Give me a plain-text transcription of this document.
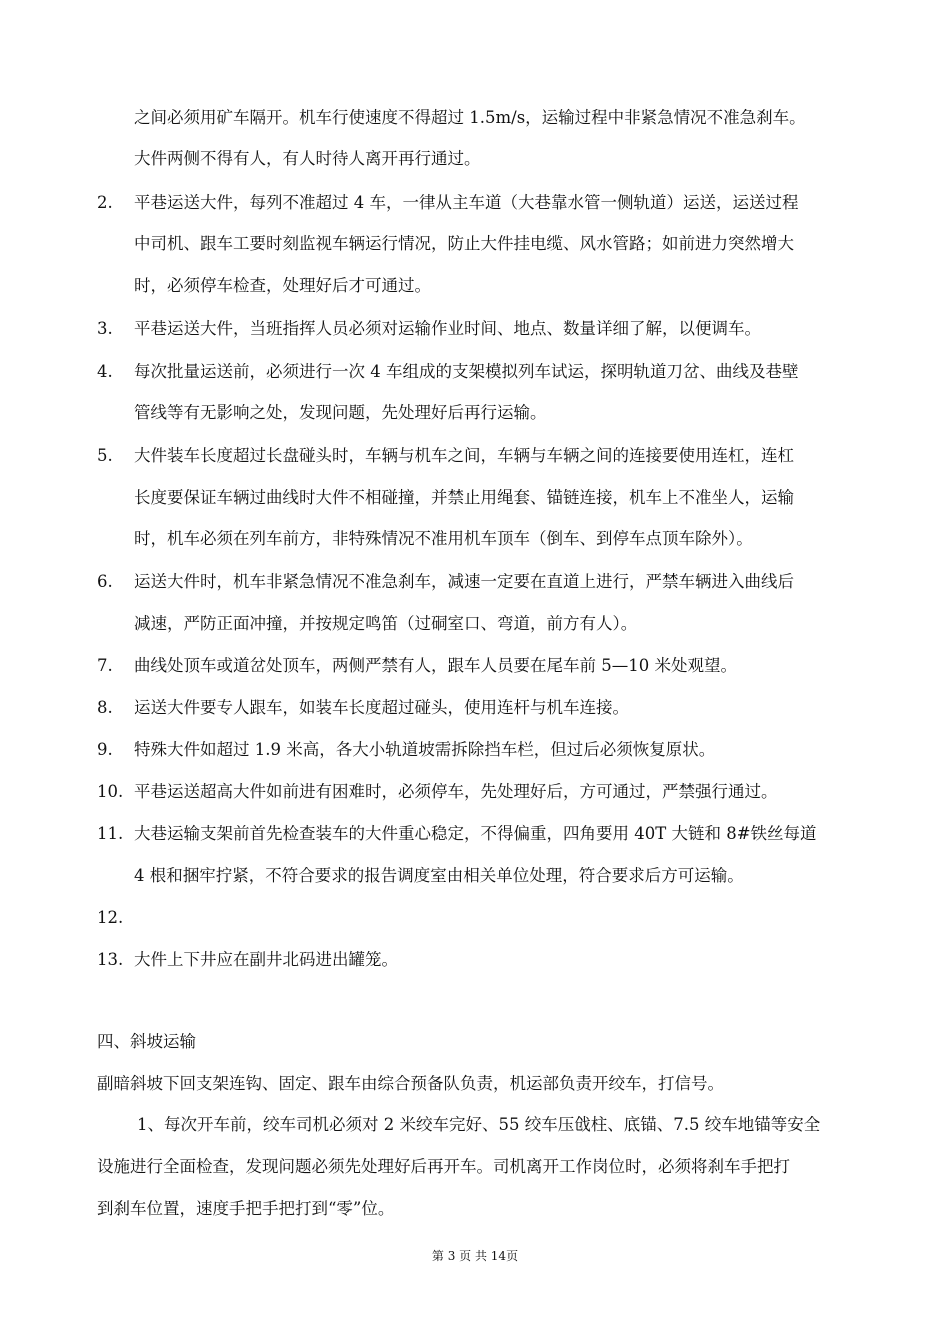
之间必须用矿车隔开。机车行使速度不得超过 1.5m/s，运输过程中非紧急情况不准急刹车。
大件两侧不得有人，有人时待人离开再行通过。
2. 平巷运送大件，每列不准超过 4 车，一律从主车道（大巷靠水管一侧轨道）运送，运送过程
中司机、跟车工要时刻监视车辆运行情况，防止大件挂电缆、风水管路；如前进力突然增大
时，必须停车检查，处理好后才可通过。
3. 平巷运送大件，当班指挥人员必须对运输作业时间、地点、数量详细了解，以便调车。
4. 每次批量运送前，必须进行一次 4 车组成的支架模拟列车试运，探明轨道刀岔、曲线及巷壁
管线等有无影响之处，发现问题，先处理好后再行运输。
5. 大件装车长度超过长盘碰头时，车辆与机车之间，车辆与车辆之间的连接要使用连杠，连杠
长度要保证车辆过曲线时大件不相碰撞，并禁止用绳套、锚链连接，机车上不准坐人，运输
时，机车必须在列车前方，非特殊情况不准用机车顶车（倒车、到停车点顶车除外）。
6. 运送大件时，机车非紧急情况不准急刹车，减速一定要在直道上进行，严禁车辆进入曲线后
减速，严防正面冲撞，并按规定鸣笛（过硐室口、弯道，前方有人）。
7. 曲线处顶车或道岔处顶车，两侧严禁有人，跟车人员要在尾车前 5—10 米处观望。
8. 运送大件要专人跟车，如装车长度超过碰头，使用连杆与机车连接。
9. 特殊大件如超过 1.9 米高，各大小轨道坡需拆除挡车栏，但过后必须恢复原状。
10. 平巷运送超高大件如前进有困难时，必须停车，先处理好后，方可通过，严禁强行通过。
11. 大巷运输支架前首先检查装车的大件重心稳定，不得偏重，四角要用 40T 大链和 8#铁丝每道
4 根和捆牢拧紧，不符合要求的报告调度室由相关单位处理，符合要求后方可运输。
12.
13. 大件上下井应在副井北码进出罐笼。
四、斜坡运输
副暗斜坡下回支架连钩、固定、跟车由综合预备队负责，机运部负责开绞车，打信号。
1、每次开车前，绞车司机必须对 2 米绞车完好、55 绞车压戗柱、底锚、7.5 绞车地锚等安全
设施进行全面检查，发现问题必须先处理好后再开车。司机离开工作岗位时，必须将刹车手把打
到刹车位置，速度手把手把打到“零”位。
第 3 页 共 14页
